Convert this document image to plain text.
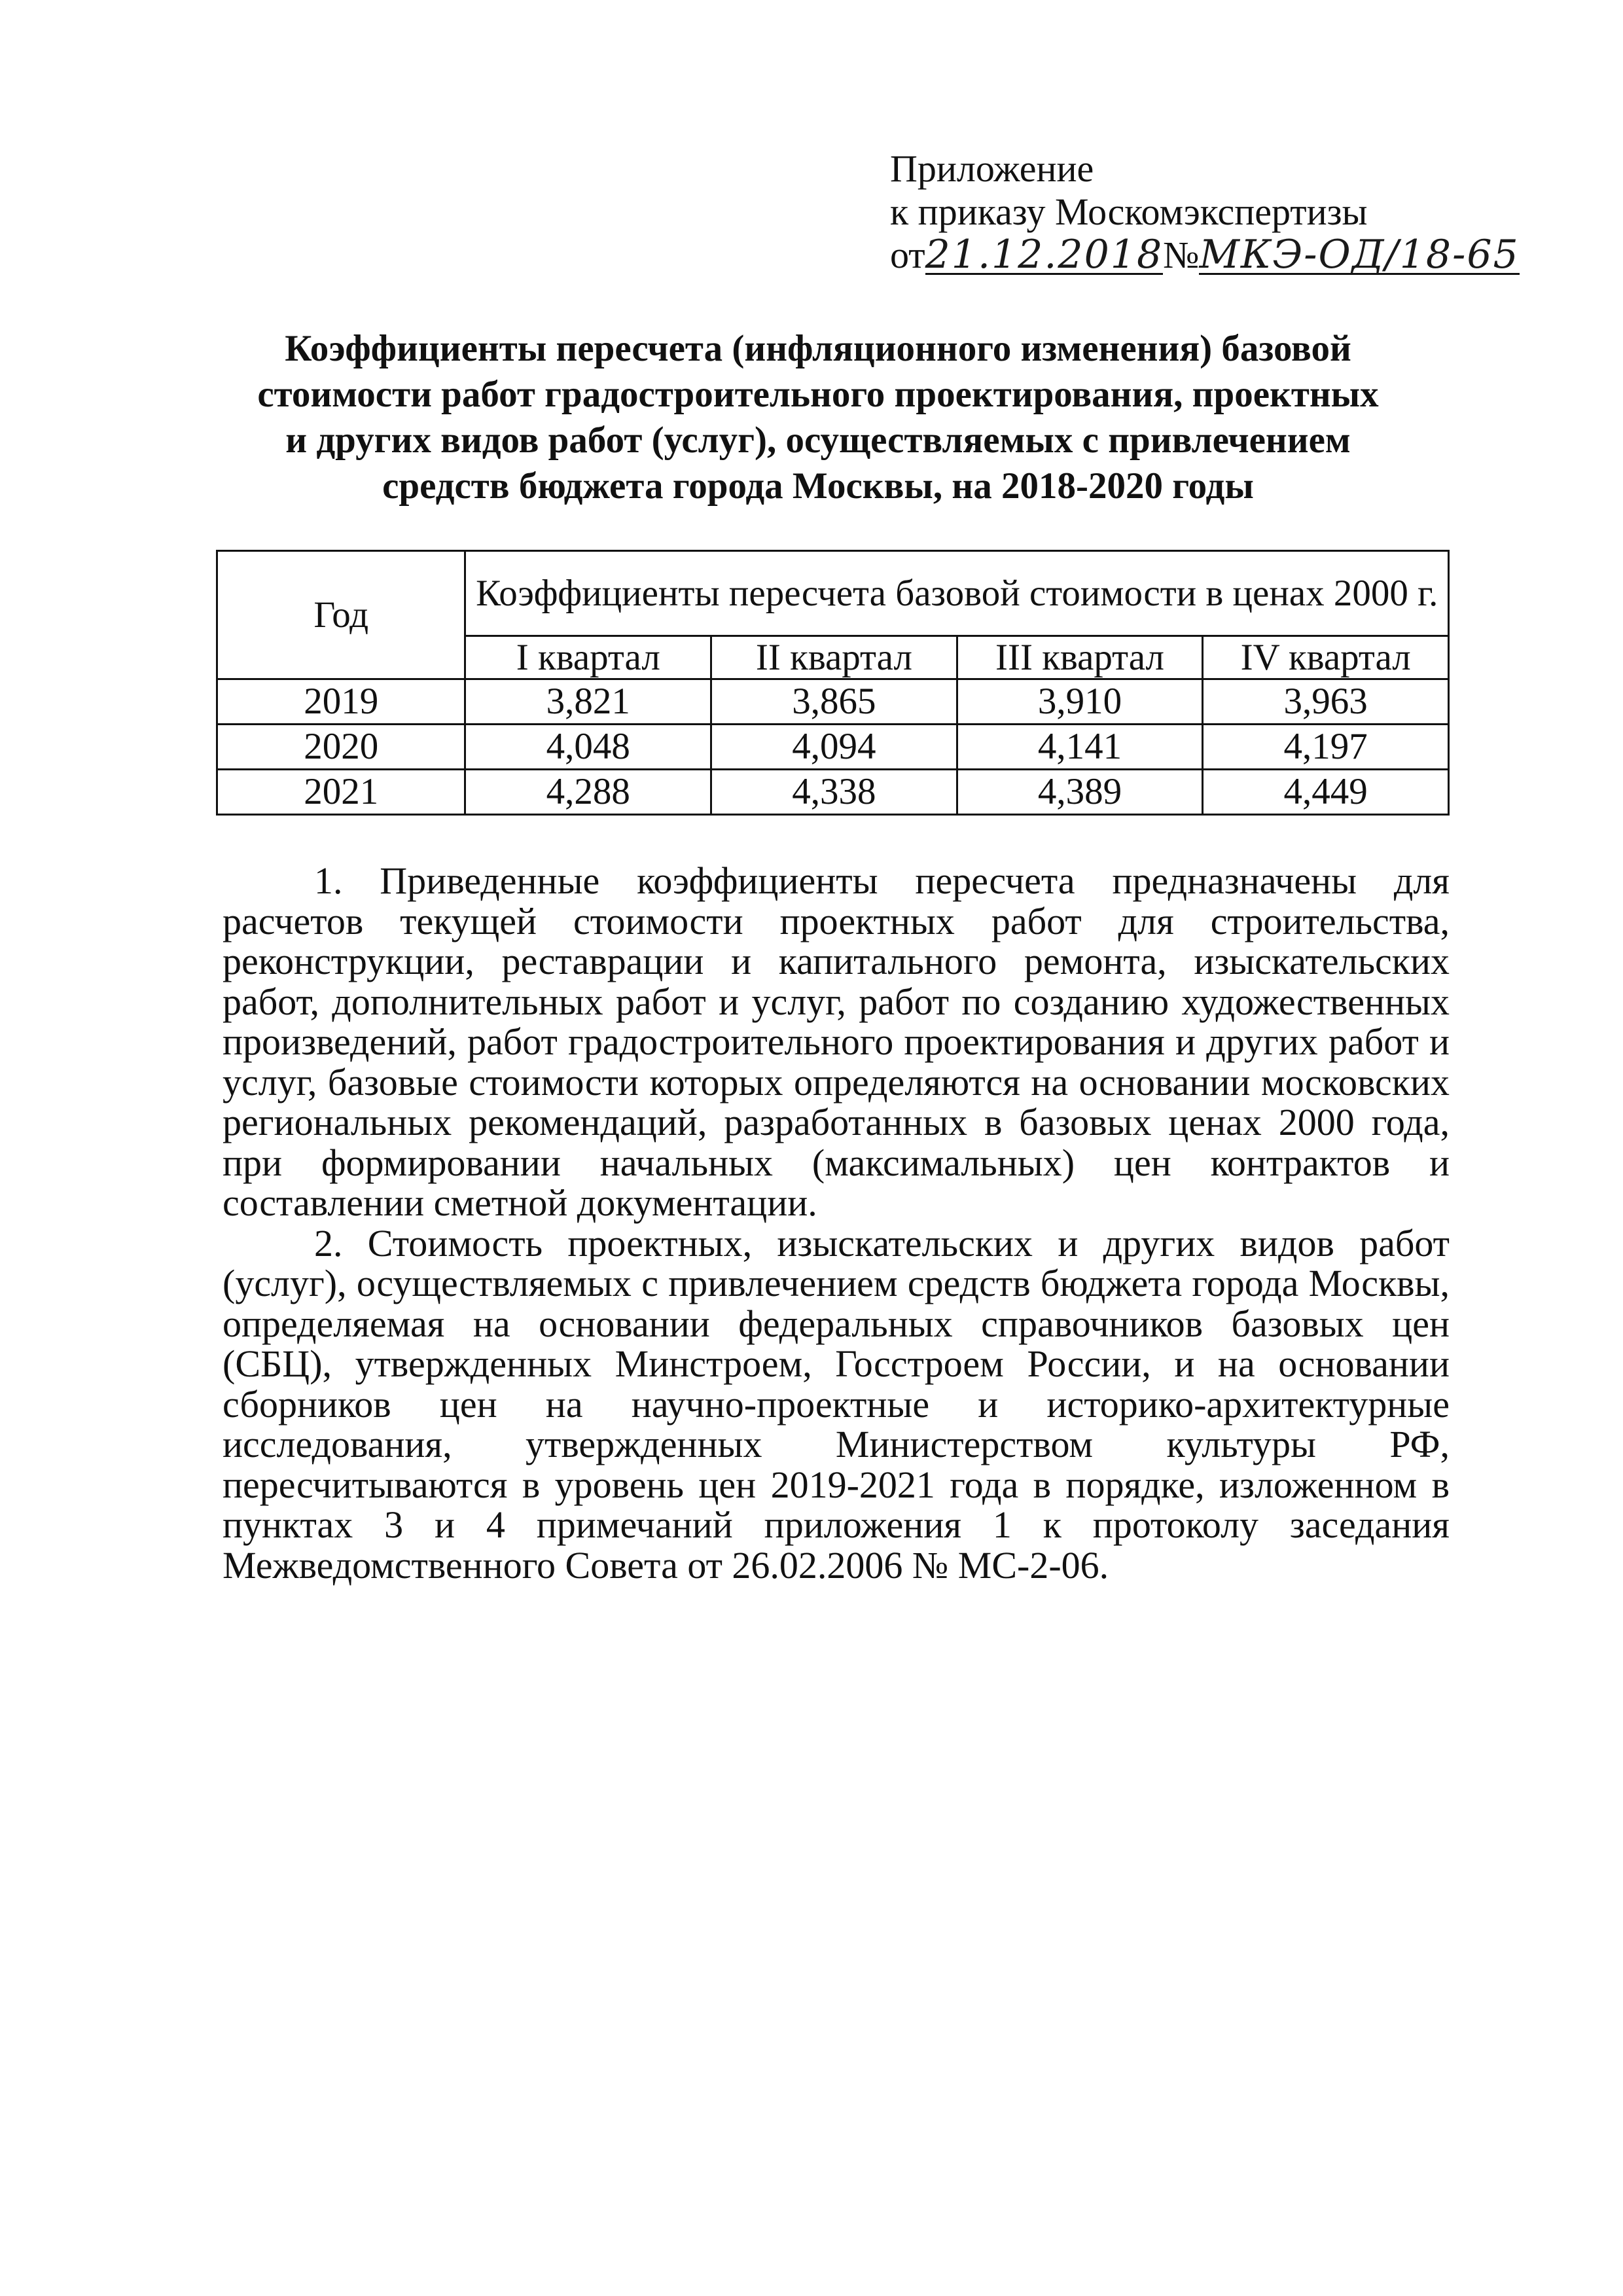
Приложение
к приказу Москомэкспертизы
от21.12.2018№МКЭ-ОД/18-65
Коэффициенты пересчета (инфляционного изменения) базовой
стоимости работ градостроительного проектирования, проектных
и других видов работ (услуг), осуществляемых с привлечением
средств бюджета города Москвы, на 2018-2020 годы
Год	Коэффициенты пересчета базовой стоимости в ценах 2000 г.			

	I квартал	II квартал	III квартал	IV квартал
2019	3,821	3,865	3,910	3,963
2020	4,048	4,094	4,141	4,197
2021	4,288	4,338	4,389	4,449

1. Приведенные коэффициенты пересчета предназначены для расчетов текущей стоимости проектных работ для строительства, реконструкции, реставрации и капитального ремонта, изыскательских работ, дополнительных работ и услуг, работ по созданию художественных произведений, работ градостроительного проектирования и других работ и услуг, базовые стоимости которых определяются на основании московских региональных рекомендаций, разработанных в базовых ценах 2000 года, при формировании начальных (максимальных) цен контрактов и составлении сметной документации.

2. Стоимость проектных, изыскательских и других видов работ (услуг), осуществляемых с привлечением средств бюджета города Москвы, определяемая на основании федеральных справочников базовых цен (СБЦ), утвержденных Минстроем, Госстроем России, и на основании сборников цен на научно-проектные и историко-архитектурные исследования, утвержденных Министерством культуры РФ, пересчитываются в уровень цен 2019-2021 года в порядке, изложенном в пунктах 3 и 4 примечаний приложения 1 к протоколу заседания Межведомственного Совета от 26.02.2006 № МС-2-06.
